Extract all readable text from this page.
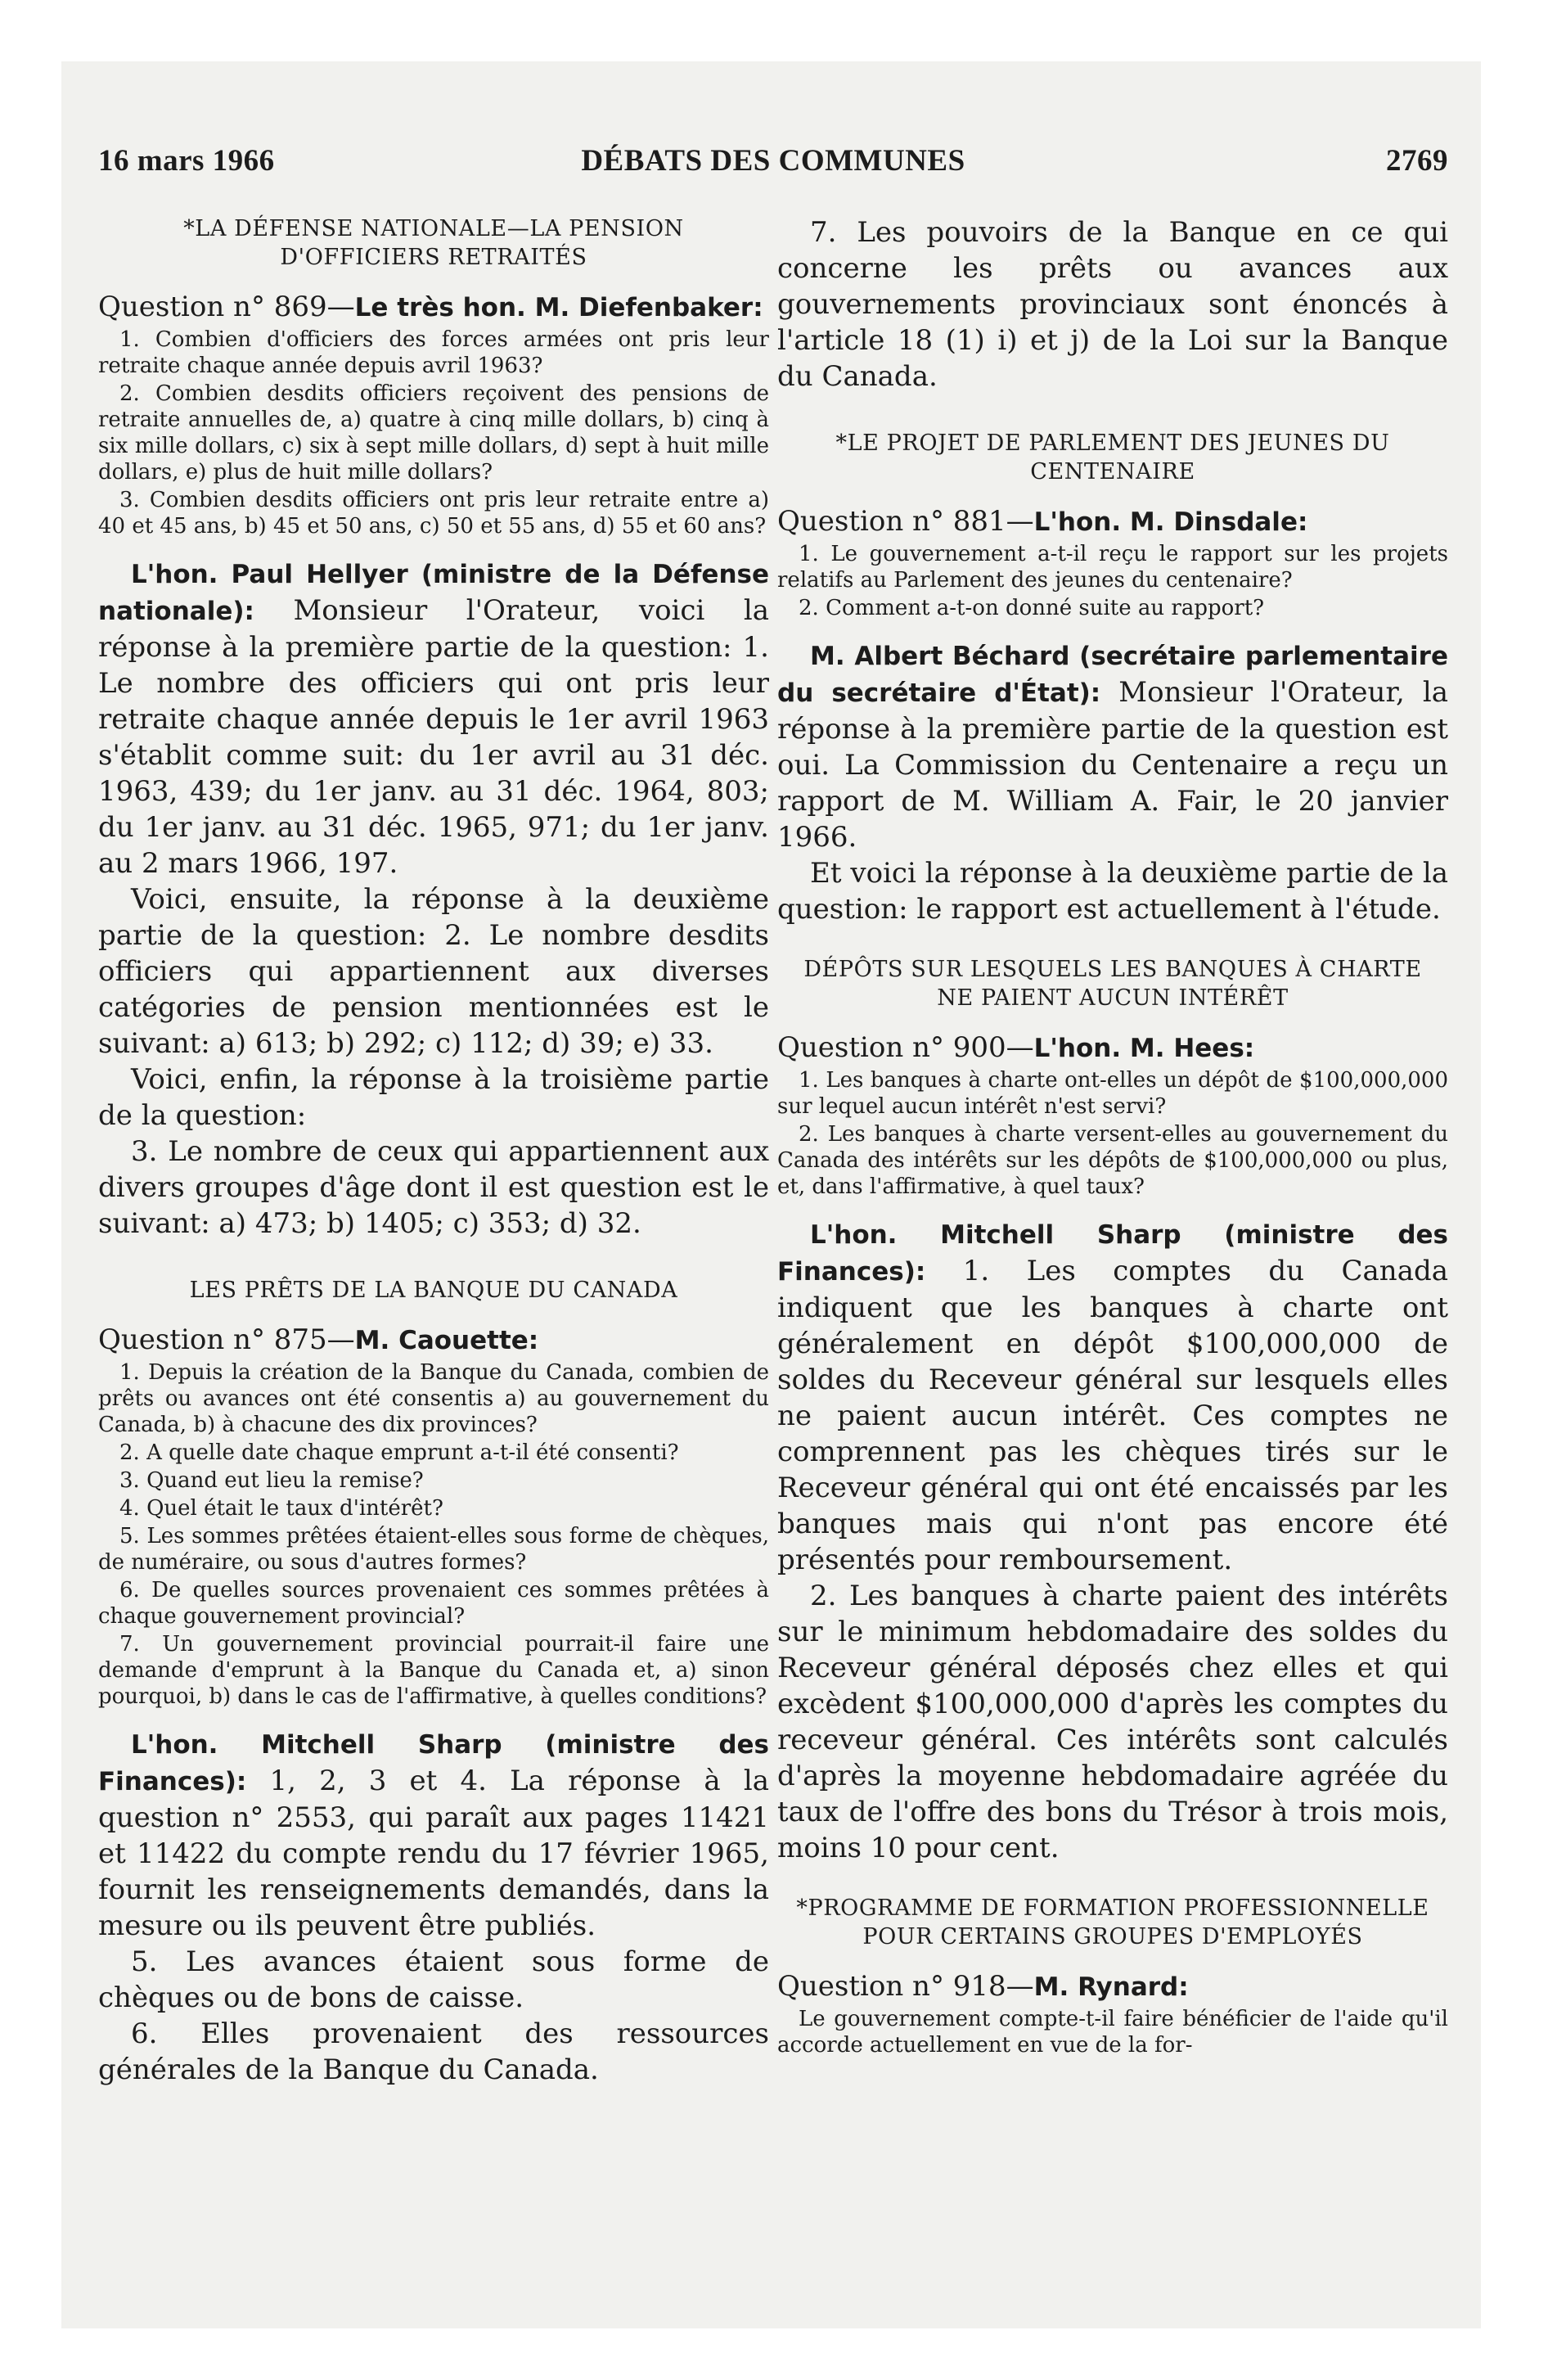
16 mars 1966	DÉBATS DES COMMUNES	2769

*LA DÉFENSE NATIONALE—LA PENSION D'OFFICIERS RETRAITÉS

Question n° 869—Le très hon. M. Diefenbaker:

1. Combien d'officiers des forces armées ont pris leur retraite chaque année depuis avril 1963?

2. Combien desdits officiers reçoivent des pensions de retraite annuelles de, a) quatre à cinq mille dollars, b) cinq à six mille dollars, c) six à sept mille dollars, d) sept à huit mille dollars, e) plus de huit mille dollars?

3. Combien desdits officiers ont pris leur retraite entre a) 40 et 45 ans, b) 45 et 50 ans, c) 50 et 55 ans, d) 55 et 60 ans?

L'hon. Paul Hellyer (ministre de la Défense nationale): Monsieur l'Orateur, voici la réponse à la première partie de la question: 1. Le nombre des officiers qui ont pris leur retraite chaque année depuis le 1er avril 1963 s'établit comme suit: du 1er avril au 31 déc. 1963, 439; du 1er janv. au 31 déc. 1964, 803; du 1er janv. au 31 déc. 1965, 971; du 1er janv. au 2 mars 1966, 197.

Voici, ensuite, la réponse à la deuxième partie de la question: 2. Le nombre desdits officiers qui appartiennent aux diverses catégories de pension mentionnées est le suivant: a) 613; b) 292; c) 112; d) 39; e) 33.

Voici, enfin, la réponse à la troisième partie de la question:

3. Le nombre de ceux qui appartiennent aux divers groupes d'âge dont il est question est le suivant: a) 473; b) 1405; c) 353; d) 32.

LES PRÊTS DE LA BANQUE DU CANADA

Question n° 875—M. Caouette:

1. Depuis la création de la Banque du Canada, combien de prêts ou avances ont été consentis a) au gouvernement du Canada, b) à chacune des dix provinces?

2. A quelle date chaque emprunt a-t-il été consenti?

3. Quand eut lieu la remise?

4. Quel était le taux d'intérêt?

5. Les sommes prêtées étaient-elles sous forme de chèques, de numéraire, ou sous d'autres formes?

6. De quelles sources provenaient ces sommes prêtées à chaque gouvernement provincial?

7. Un gouvernement provincial pourrait-il faire une demande d'emprunt à la Banque du Canada et, a) sinon pourquoi, b) dans le cas de l'affirmative, à quelles conditions?

L'hon. Mitchell Sharp (ministre des Finances): 1, 2, 3 et 4. La réponse à la question n° 2553, qui paraît aux pages 11421 et 11422 du compte rendu du 17 février 1965, fournit les renseignements demandés, dans la mesure ou ils peuvent être publiés.

5. Les avances étaient sous forme de chèques ou de bons de caisse.

6. Elles provenaient des ressources générales de la Banque du Canada.

7. Les pouvoirs de la Banque en ce qui concerne les prêts ou avances aux gouvernements provinciaux sont énoncés à l'article 18 (1) i) et j) de la Loi sur la Banque du Canada.

*LE PROJET DE PARLEMENT DES JEUNES DU CENTENAIRE

Question n° 881—L'hon. M. Dinsdale:

1. Le gouvernement a-t-il reçu le rapport sur les projets relatifs au Parlement des jeunes du centenaire?

2. Comment a-t-on donné suite au rapport?

M. Albert Béchard (secrétaire parlementaire du secrétaire d'État): Monsieur l'Orateur, la réponse à la première partie de la question est oui. La Commission du Centenaire a reçu un rapport de M. William A. Fair, le 20 janvier 1966.

Et voici la réponse à la deuxième partie de la question: le rapport est actuellement à l'étude.

DÉPÔTS SUR LESQUELS LES BANQUES À CHARTE NE PAIENT AUCUN INTÉRÊT

Question n° 900—L'hon. M. Hees:

1. Les banques à charte ont-elles un dépôt de $100,000,000 sur lequel aucun intérêt n'est servi?

2. Les banques à charte versent-elles au gouvernement du Canada des intérêts sur les dépôts de $100,000,000 ou plus, et, dans l'affirmative, à quel taux?

L'hon. Mitchell Sharp (ministre des Finances): 1. Les comptes du Canada indiquent que les banques à charte ont généralement en dépôt $100,000,000 de soldes du Receveur général sur lesquels elles ne paient aucun intérêt. Ces comptes ne comprennent pas les chèques tirés sur le Receveur général qui ont été encaissés par les banques mais qui n'ont pas encore été présentés pour remboursement.

2. Les banques à charte paient des intérêts sur le minimum hebdomadaire des soldes du Receveur général déposés chez elles et qui excèdent $100,000,000 d'après les comptes du receveur général. Ces intérêts sont calculés d'après la moyenne hebdomadaire agréée du taux de l'offre des bons du Trésor à trois mois, moins 10 pour cent.

*PROGRAMME DE FORMATION PROFESSIONNELLE POUR CERTAINS GROUPES D'EMPLOYÉS

Question n° 918—M. Rynard:

Le gouvernement compte-t-il faire bénéficier de l'aide qu'il accorde actuellement en vue de la for-
